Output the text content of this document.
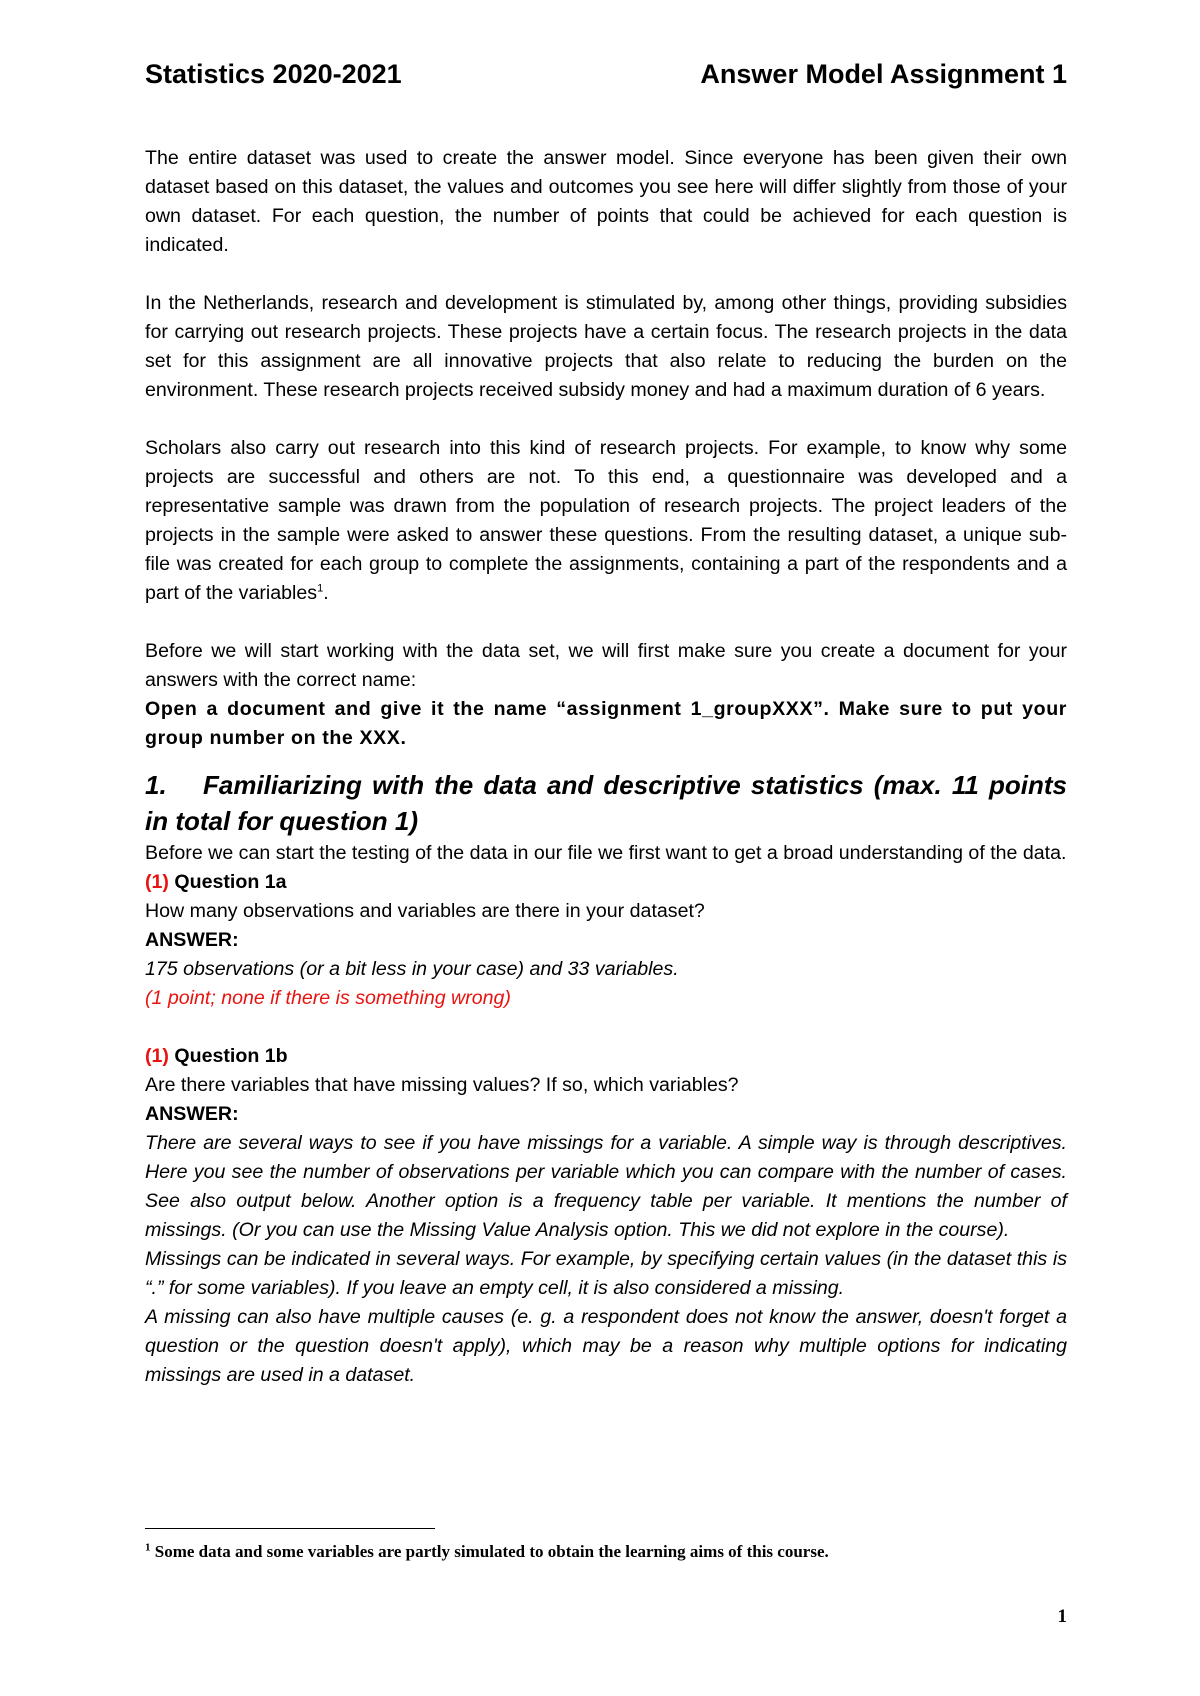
Statistics 2020-2021	Answer Model Assignment 1

The entire dataset was used to create the answer model. Since everyone has been given their own dataset based on this dataset, the values and outcomes you see here will differ slightly from those of your own dataset. For each question, the number of points that could be achieved for each question is indicated.

In the Netherlands, research and development is stimulated by, among other things, providing subsidies for carrying out research projects. These projects have a certain focus. The research projects in the data set for this assignment are all innovative projects that also relate to reducing the burden on the environment. These research projects received subsidy money and had a maximum duration of 6 years.

Scholars also carry out research into this kind of research projects. For example, to know why some projects are successful and others are not. To this end, a questionnaire was developed and a representative sample was drawn from the population of research projects. The project leaders of the projects in the sample were asked to answer these questions. From the resulting dataset, a unique sub-file was created for each group to complete the assignments, containing a part of the respondents and a part of the variables$^1$.

Before we will start working with the data set, we will first make sure you create a document for your answers with the correct name:

Open a document and give it the name “assignment 1_groupXXX”. Make sure to put your group number on the XXX.

1. Familiarizing with the data and descriptive statistics (max. 11 points in total for question 1)

Before we can start the testing of the data in our file we first want to get a broad understanding of the data.

(1) Question 1a
How many observations and variables are there in your dataset?
ANSWER:
175 observations (or a bit less in your case) and 33 variables.
(1 point; none if there is something wrong)
(1) Question 1b
Are there variables that have missing values? If so, which variables?
ANSWER:

There are several ways to see if you have missings for a variable. A simple way is through descriptives. Here you see the number of observations per variable which you can compare with the number of cases. See also output below. Another option is a frequency table per variable. It mentions the number of missings. (Or you can use the Missing Value Analysis option. This we did not explore in the course).

Missings can be indicated in several ways. For example, by specifying certain values (in the dataset this is “.” for some variables). If you leave an empty cell, it is also considered a missing.

A missing can also have multiple causes (e. g. a respondent does not know the answer, doesn't forget a question or the question doesn't apply), which may be a reason why multiple options for indicating missings are used in a dataset.

$^1$ Some data and some variables are partly simulated to obtain the learning aims of this course.
1
